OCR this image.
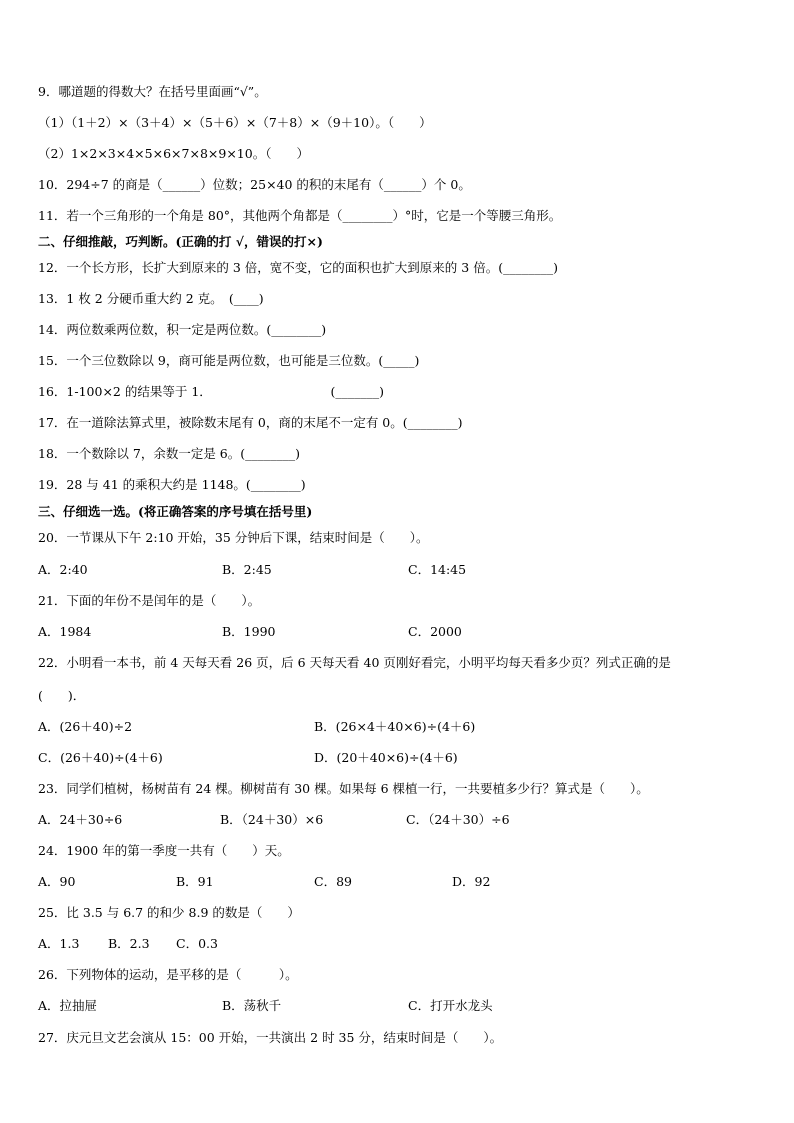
9．哪道题的得数大？在括号里面画“√”。
（1）（1＋2）×（3＋4）×（5＋6）×（7＋8）×（9＋10）。（　　）
（2）1×2×3×4×5×6×7×8×9×10。（　　）
10．294÷7 的商是（______）位数；25×40 的积的末尾有（______）个 0。
11．若一个三角形的一个角是 80°，其他两个角都是（________）°时，它是一个等腰三角形。
二、仔细推敲，巧判断。(正确的打 √，错误的打×)
12．一个长方形，长扩大到原来的 3 倍，宽不变，它的面积也扩大到原来的 3 倍。(________)
13．1 枚 2 分硬币重大约 2 克。　(____)
14．两位数乘两位数，积一定是两位数。(________)
15．一个三位数除以 9，商可能是两位数，也可能是三位数。(_____)
16．1-100×2 的结果等于 1．　　　　　　　　　　(_______)
17．在一道除法算式里，被除数末尾有 0，商的末尾不一定有 0。(________)
18．一个数除以 7，余数一定是 6。(________)
19．28 与 41 的乘积大约是 1148。(________)
三、仔细选一选。(将正确答案的序号填在括号里)
20．一节课从下午 2:10 开始，35 分钟后下课，结束时间是（　　）。

A．2:40

	B．2:45

	C．14:45

21．下面的年份不是闰年的是（　　）。

A．1984

	B．1990

	C．2000

22．小明看一本书，前 4 天每天看 26 页，后 6 天每天看 40 页刚好看完，小明平均每天看多少页？列式正确的是
(　　)．

A．(26＋40)÷2

	B．(26×4＋40×6)÷(4＋6)

C．(26＋40)÷(4＋6)

	D．(20＋40×6)÷(4＋6)

23．同学们植树，杨树苗有 24 棵。柳树苗有 30 棵。如果每 6 棵植一行，一共要植多少行？算式是（　　）。

A．24＋30÷6

	B．（24＋30）×6

	C．（24＋30）÷6

24．1900 年的第一季度一共有（　　）天。

A．90

	B．91

	C．89

	D．92

25．比 3.5 与 6.7 的和少 8.9 的数是（　　）

A．1.3

B．2.3

C．0.3

26．下列物体的运动，是平移的是（　　　）。

A．拉抽屉

	B．荡秋千

	C．打开水龙头

27．庆元旦文艺会演从 15：00 开始，一共演出 2 时 35 分，结束时间是（　　）。
